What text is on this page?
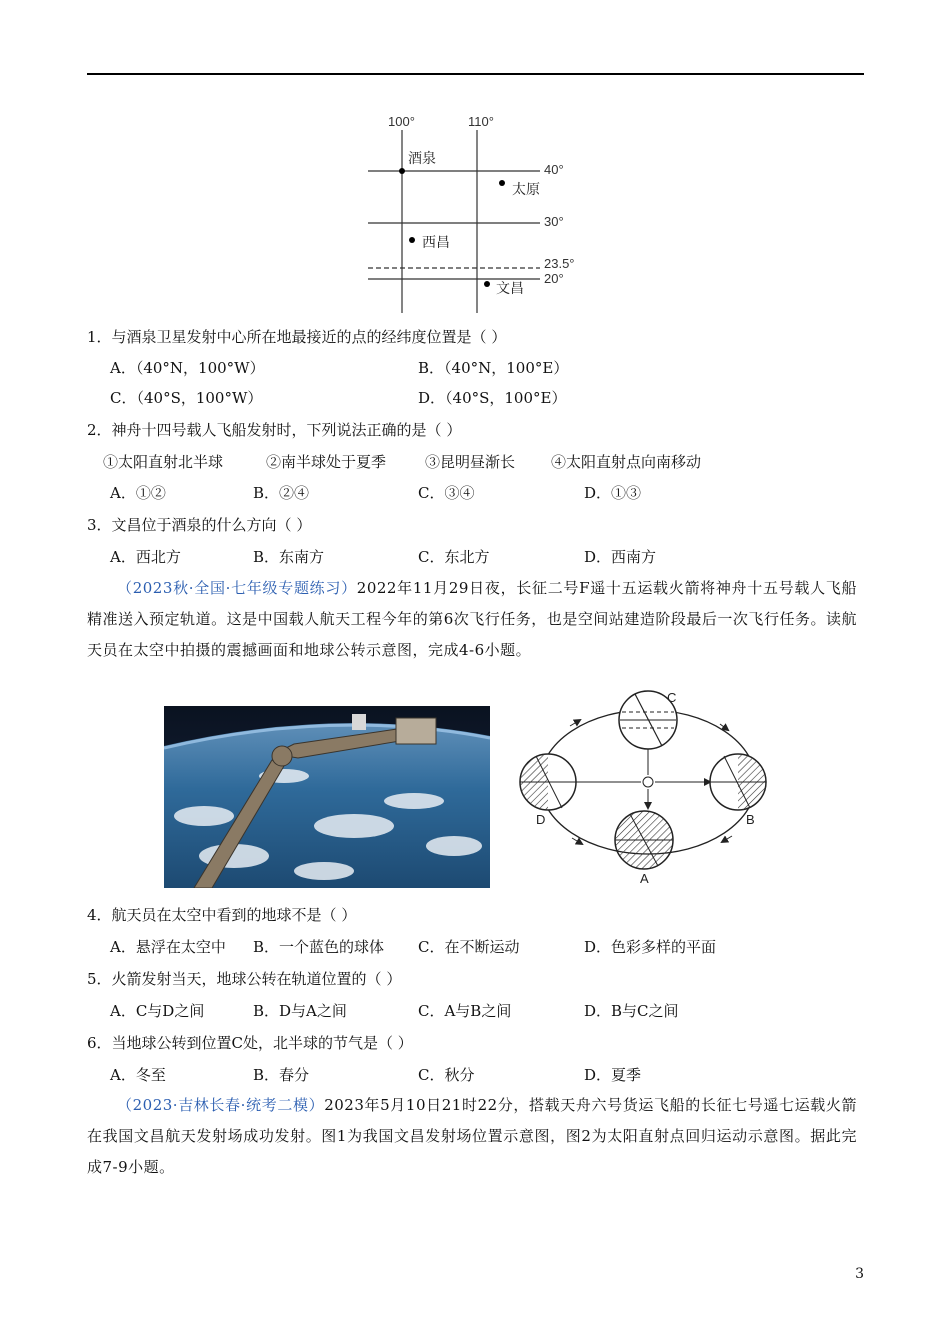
100°	110°
40°
30°
23.5°
20°
酒泉
太原
西昌
文昌
1．与酒泉卫星发射中心所在地最接近的点的经纬度位置是（ ）
A．（40°N，100°W）	B．（40°N，100°E）
C．（40°S，100°W）	D．（40°S，100°E）
2．神舟十四号载人飞船发射时，下列说法正确的是（ ）
①太阳直射北半球	②南半球处于夏季	③昆明昼渐长 ④太阳直射点向南移动
A．①②	B．②④	C．③④	D．①③
3．文昌位于酒泉的什么方向（ ）
A．西北方	B．东南方	C．东北方	D．西南方
（2023秋·全国·七年级专题练习）2022年11月29日夜，长征二号F遥十五运载火箭将神舟十五号载人飞船精准送入预定轨道。这是中国载人航天工程今年的第6次飞行任务，也是空间站建造阶段最后一次飞行任务。读航天员在太空中拍摄的震撼画面和地球公转示意图，完成4-6小题。
C
D	B
A
4．航天员在太空中看到的地球不是（ ）
A．悬浮在太空中 B．一个蓝色的球体 C．在不断运动	D．色彩多样的平面
5．火箭发射当天，地球公转在轨道位置的（ ）
A．C与D之间	B．D与A之间	C．A与B之间	D．B与C之间
6．当地球公转到位置C处，北半球的节气是（ ）
A．冬至	B．春分	C．秋分	D．夏季
（2023·吉林长春·统考二模）2023年5月10日21时22分，搭载天舟六号货运飞船的长征七号遥七运载火箭在我国文昌航天发射场成功发射。图1为我国文昌发射场位置示意图，图2为太阳直射点回归运动示意图。据此完成7-9小题。
3
